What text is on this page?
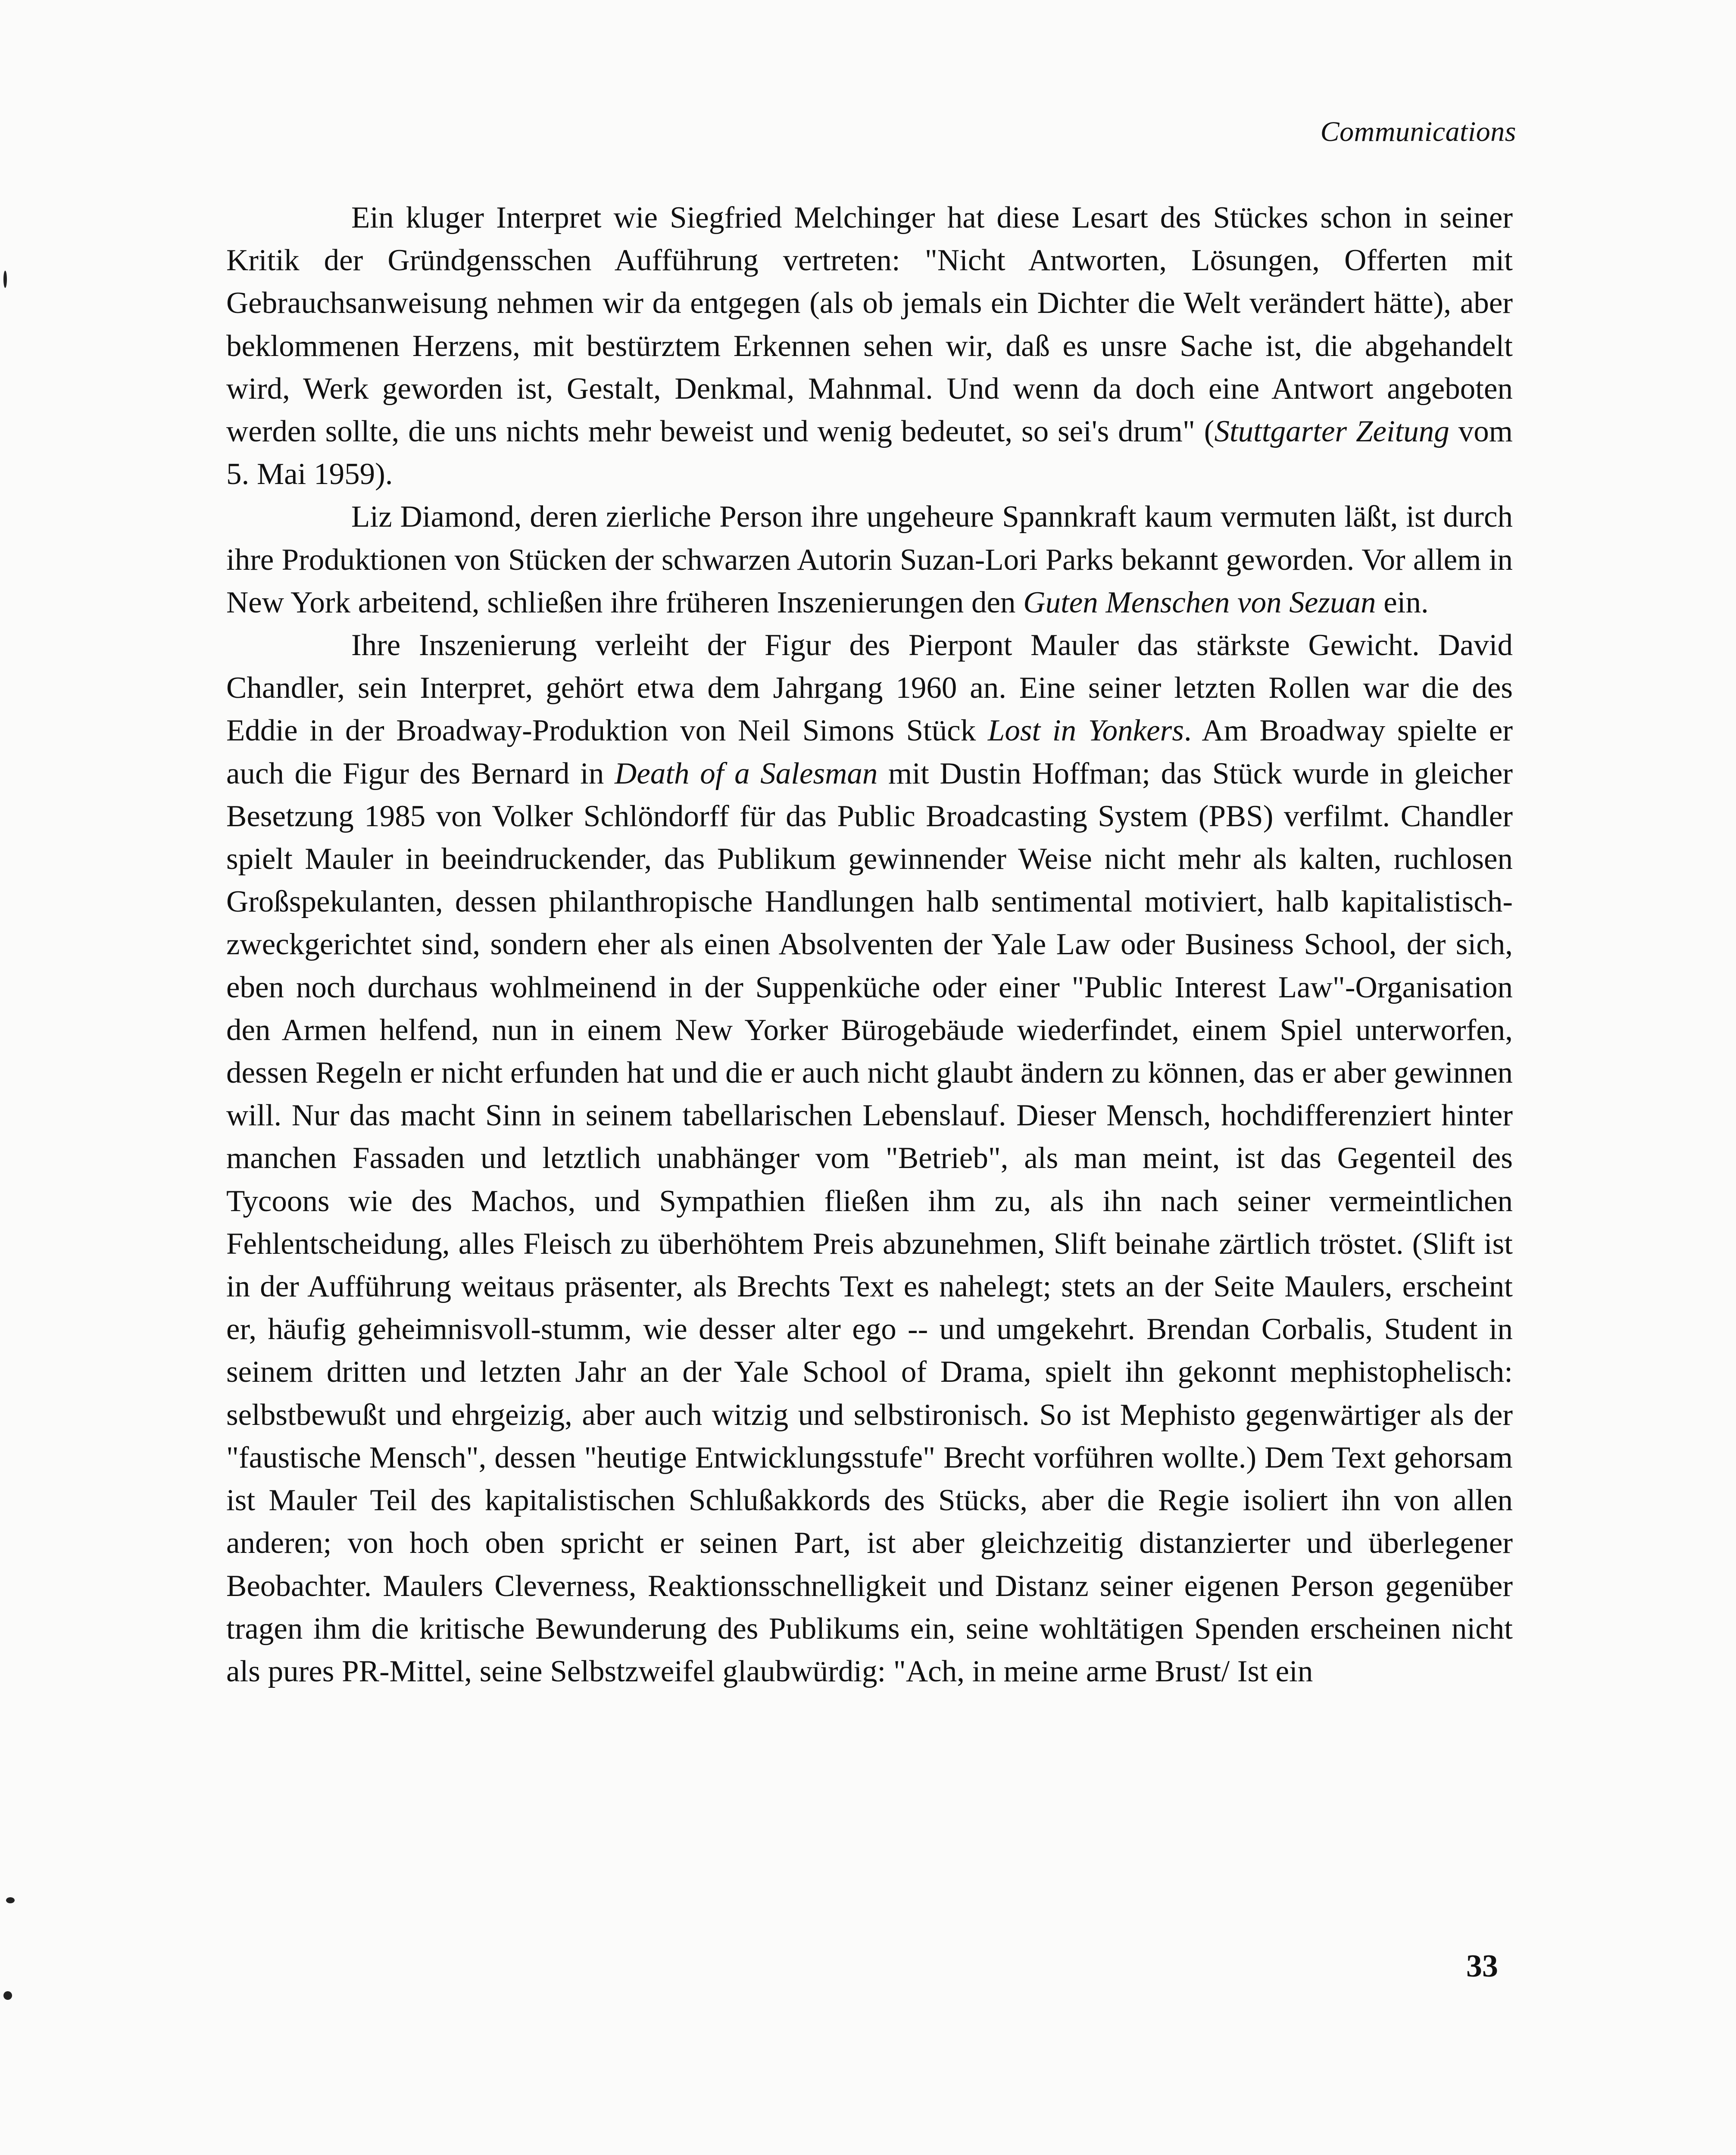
Communications

Ein kluger Interpret wie Siegfried Melchinger hat diese Lesart des Stückes schon in seiner Kritik der Gründgensschen Aufführung vertreten: "Nicht Antworten, Lösungen, Offerten mit Gebrauchsanweisung nehmen wir da entgegen (als ob jemals ein Dichter die Welt verändert hätte), aber beklommenen Herzens, mit bestürztem Erkennen sehen wir, daß es unsre Sache ist, die abgehandelt wird, Werk geworden ist, Gestalt, Denkmal, Mahnmal. Und wenn da doch eine Antwort angeboten werden sollte, die uns nichts mehr beweist und wenig bedeutet, so sei's drum" (Stuttgarter Zeitung vom 5. Mai 1959).

Liz Diamond, deren zierliche Person ihre ungeheure Spannkraft kaum vermuten läßt, ist durch ihre Produktionen von Stücken der schwarzen Autorin Suzan-Lori Parks bekannt geworden. Vor allem in New York arbeitend, schließen ihre früheren Inszenierungen den Guten Menschen von Sezuan ein.

Ihre Inszenierung verleiht der Figur des Pierpont Mauler das stärkste Gewicht. David Chandler, sein Interpret, gehört etwa dem Jahrgang 1960 an. Eine seiner letzten Rollen war die des Eddie in der Broadway-Produktion von Neil Simons Stück Lost in Yonkers. Am Broadway spielte er auch die Figur des Bernard in Death of a Salesman mit Dustin Hoffman; das Stück wurde in gleicher Besetzung 1985 von Volker Schlöndorff für das Public Broadcasting System (PBS) verfilmt. Chandler spielt Mauler in beeindruckender, das Publikum gewinnender Weise nicht mehr als kalten, ruchlosen Großspekulanten, dessen philanthropische Handlungen halb sentimental motiviert, halb kapitalistisch-zweckgerichtet sind, sondern eher als einen Absolventen der Yale Law oder Business School, der sich, eben noch durchaus wohlmeinend in der Suppenküche oder einer "Public Interest Law"-Organisation den Armen helfend, nun in einem New Yorker Bürogebäude wiederfindet, einem Spiel unterworfen, dessen Regeln er nicht erfunden hat und die er auch nicht glaubt ändern zu können, das er aber gewinnen will. Nur das macht Sinn in seinem tabellarischen Lebenslauf. Dieser Mensch, hochdifferenziert hinter manchen Fassaden und letztlich unabhänger vom "Betrieb", als man meint, ist das Gegenteil des Tycoons wie des Machos, und Sympathien fließen ihm zu, als ihn nach seiner vermeintlichen Fehlentscheidung, alles Fleisch zu überhöhtem Preis abzunehmen, Slift beinahe zärtlich tröstet. (Slift ist in der Aufführung weitaus präsenter, als Brechts Text es nahelegt; stets an der Seite Maulers, erscheint er, häufig geheimnisvoll-stumm, wie desser alter ego -- und umgekehrt. Brendan Corbalis, Student in seinem dritten und letzten Jahr an der Yale School of Drama, spielt ihn gekonnt mephistophelisch: selbstbewußt und ehrgeizig, aber auch witzig und selbstironisch. So ist Mephisto gegenwärtiger als der "faustische Mensch", dessen "heutige Entwicklungsstufe" Brecht vorführen wollte.) Dem Text gehorsam ist Mauler Teil des kapitalistischen Schlußakkords des Stücks, aber die Regie isoliert ihn von allen anderen; von hoch oben spricht er seinen Part, ist aber gleichzeitig distanzierter und überlegener Beobachter. Maulers Cleverness, Reaktionsschnelligkeit und Distanz seiner eigenen Person gegenüber tragen ihm die kritische Bewunderung des Publikums ein, seine wohltätigen Spenden erscheinen nicht als pures PR-Mittel, seine Selbstzweifel glaubwürdig: "Ach, in meine arme Brust/ Ist ein

33
